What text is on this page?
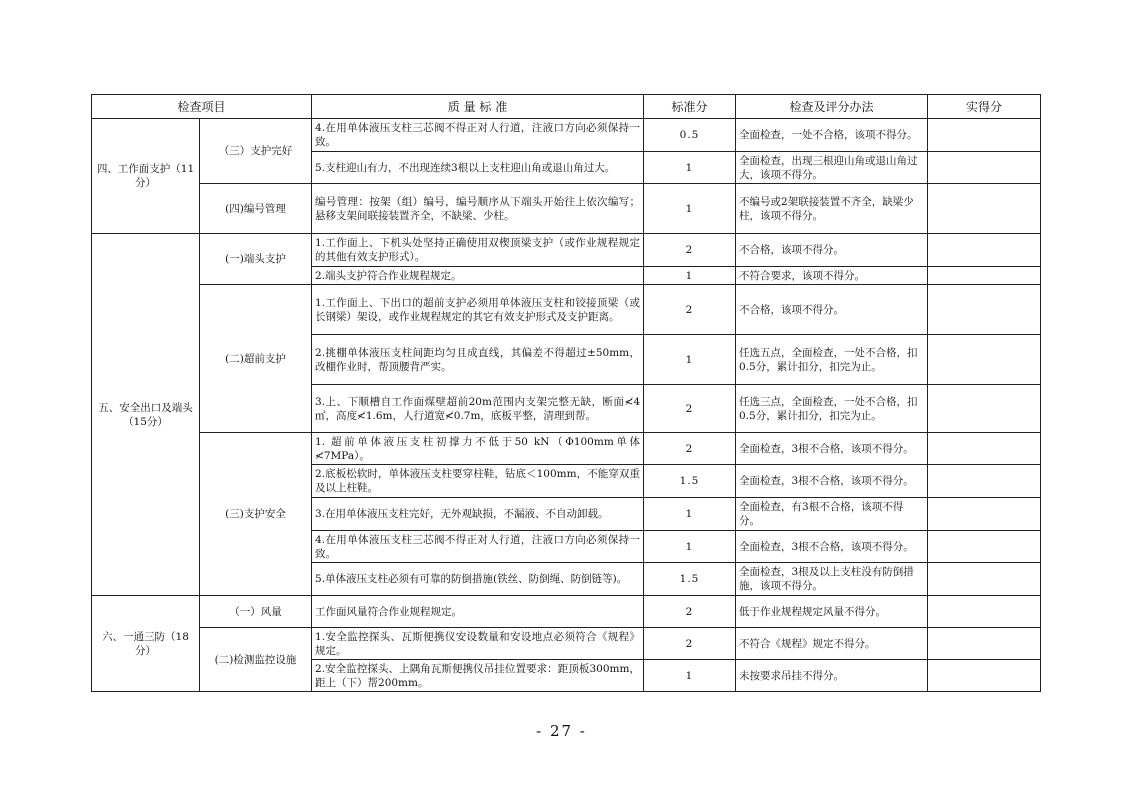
检查项目		质 量 标 准	标准分	检查及评分办法	实得分
四、工作面支护（11分）	（三）支护完好	4.在用单体液压支柱三芯阀不得正对人行道，注液口方向必须保持一致。	0.5	全面检查，一处不合格，该项不得分。	
		5.支柱迎山有力，不出现连续3根以上支柱迎山角或退山角过大。	1	全面检查，出现三根迎山角或退山角过大，该项不得分。	
	(四)编号管理	编号管理：按架（组）编号，编号顺序从下端头开始往上依次编写；悬移支架间联接装置齐全，不缺梁、少柱。	1	不编号或2架联接装置不齐全，缺梁少柱，该项不得分。	
五、安全出口及端头（15分）	(一)端头支护	1.工作面上、下机头处坚持正确使用双楔顶梁支护（或作业规程规定的其他有效支护形式）。	2	不合格，该项不得分。	
		2.端头支护符合作业规程规定。	1	不符合要求，该项不得分。	
	(二)超前支护	1.工作面上、下出口的超前支护必须用单体液压支柱和铰接顶梁（或长钢梁）架设，或作业规程规定的其它有效支护形式及支护距离。	2	不合格，该项不得分。	
		2.挑棚单体液压支柱间距均匀且成直线，其偏差不得超过±50mm，改棚作业时，帮顶腰背严实。	1	任选五点，全面检查，一处不合格，扣0.5分，累计扣分，扣完为止。	
		3.上、下顺槽自工作面煤壁超前20m范围内支架完整无缺，断面≮4㎡，高度≮1.6m，人行道宽≮0.7m，底板平整，清理到帮。	2	任选三点，全面检查，一处不合格，扣0.5分，累计扣分，扣完为止。	
	(三)支护安全	1. 超前单体液压支柱初撑力不低于50 kN（Φ100mm单体≮7MPa）。	2	全面检查，3根不合格，该项不得分。	
		2.底板松软时，单体液压支柱要穿柱鞋，钻底＜100mm，不能穿双重及以上柱鞋。	1.5	全面检查，3根不合格，该项不得分。	
		3.在用单体液压支柱完好，无外观缺损，不漏液、不自动卸载。	1	全面检查，有3根不合格，该项不得分。	
		4.在用单体液压支柱三芯阀不得正对人行道，注液口方向必须保持一致。	1	全面检查，3根不合格，该项不得分。	
		5.单体液压支柱必须有可靠的防倒措施(铁丝、防倒绳、防倒链等)。	1.5	全面检查，3根及以上支柱没有防倒措施，该项不得分。	
六、一通三防（18分）	（一）风量	工作面风量符合作业规程规定。	2	低于作业规程规定风量不得分。	
	(二)检测监控设施	1.安全监控探头、瓦斯便携仪安设数量和安设地点必须符合《规程》规定。	2	不符合《规程》规定不得分。	
		2.安全监控探头、上隅角瓦斯便携仪吊挂位置要求：距顶板300mm，距上（下）帮200mm。	1	未按要求吊挂不得分。	
- 27 -
